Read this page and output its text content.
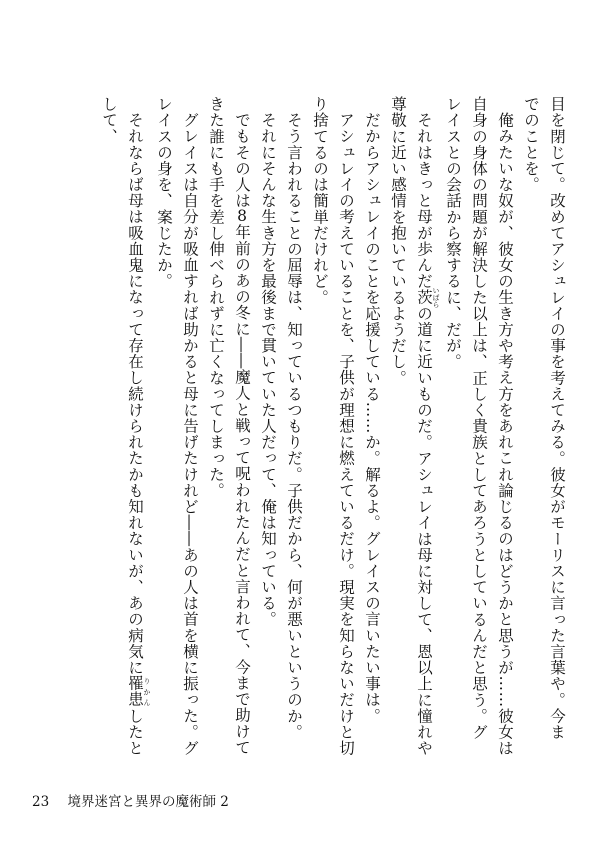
目を閉じて。改めてアシュレイの事を考えてみる。彼女がモーリスに言った言葉や。今までのことを。

俺みたいな奴が、彼女の生き方や考え方をあれこれ論じるのはどうかと思うが……彼女は自身の身体の問題が解決した以上は、正しく貴族としてあろうとしているんだと思う。グレイスとの会話から察するに、だが。

それはきっと母が歩んだ茨 いばらの道に近いものだ。アシュレイは母に対して、恩以上に憧れや尊敬に近い感情を抱いているようだし。

だからアシュレイのことを応援している……か。解るよ。グレイスの言いたい事は。

アシュレイの考えていることを、子供が理想に燃えているだけ。現実を知らないだけと切り捨てるのは簡単だけれど。

そう言われることの屈辱は、知っているつもりだ。子供だから、何が悪いというのか。

それにそんな生き方を最後まで貫いていた人だって、俺は知っている。

でもその人は8年前のあの冬に――魔人と戦って呪われたんだと言われて、今まで助けてきた誰にも手を差し伸べられずに亡くなってしまった。

グレイスは自分が吸血すれば助かると母に告げたけれど――あの人は首を横に振った。グレイスの身を、案じたか。

それならば母は吸血鬼になって存在し続けられたかも知れないが、あの病気に罹患 りかんしたとして、

23 境界迷宮と異界の魔術師 2
